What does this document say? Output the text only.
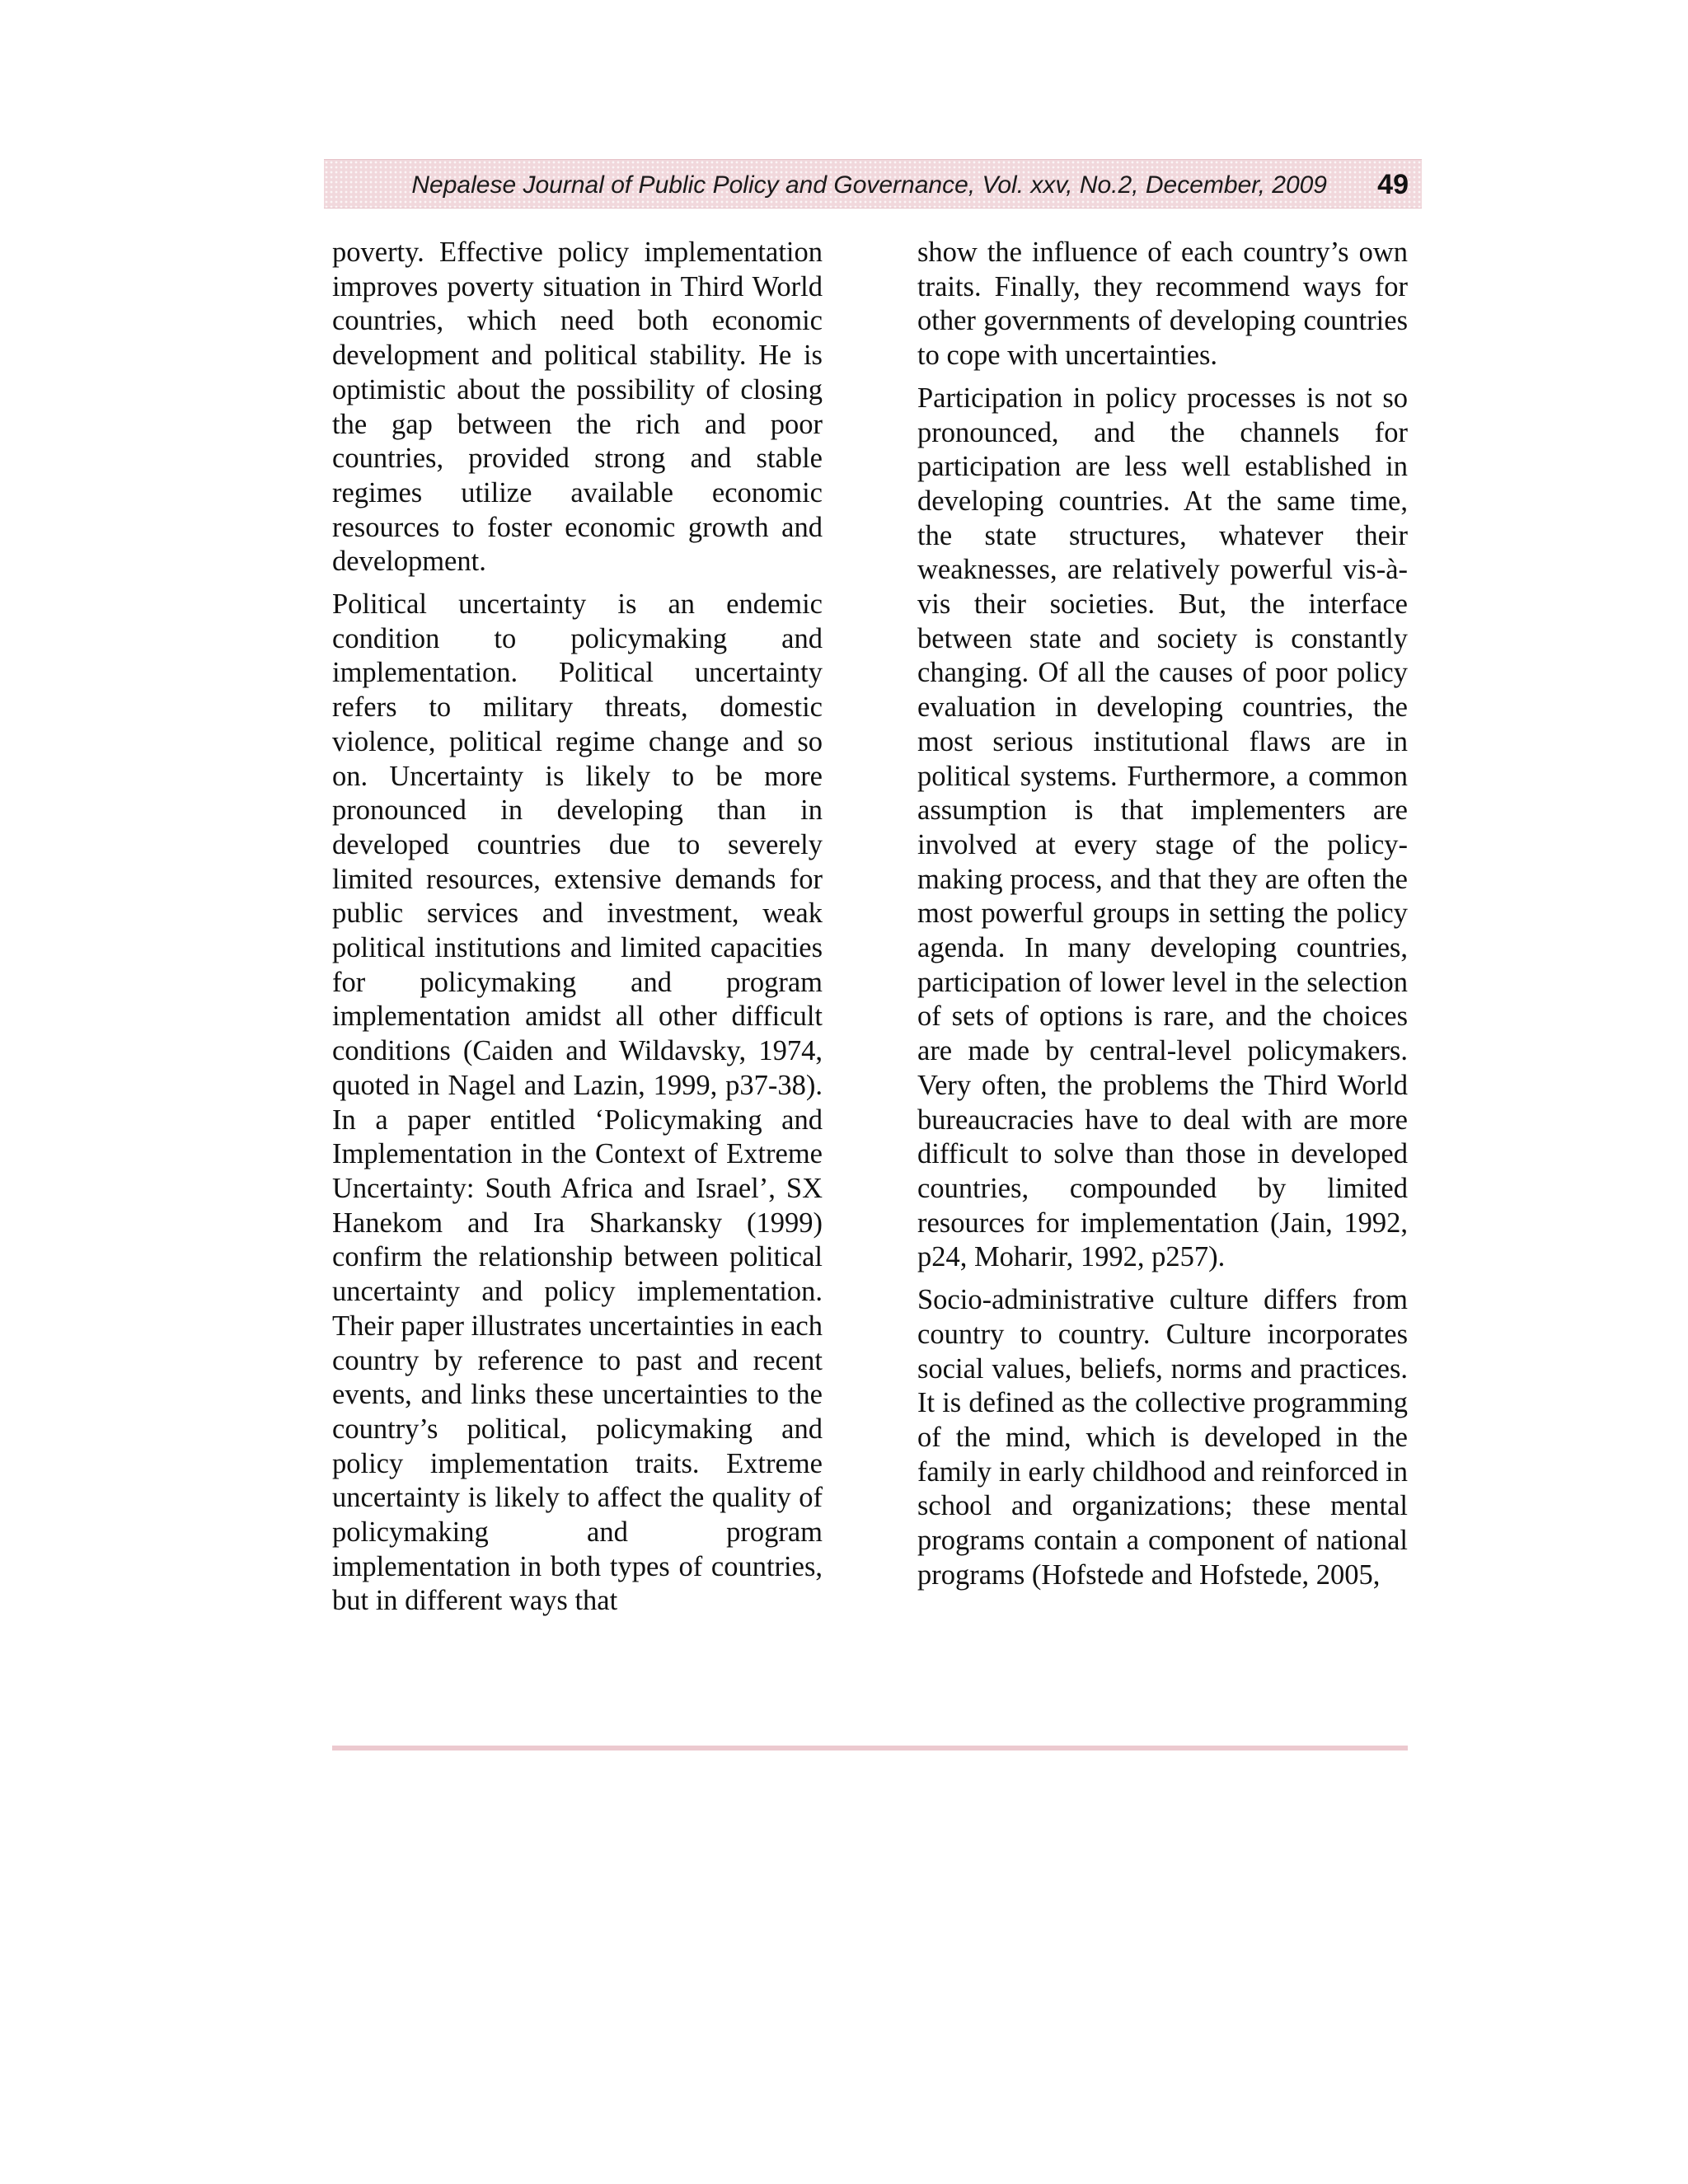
Nepalese Journal of Public Policy and Governance, Vol. xxv, No.2, December, 2009 49

poverty. Effective policy implementation improves poverty situation in Third World countries, which need both economic development and political stability. He is optimistic about the possibility of closing the gap between the rich and poor countries, provided strong and stable regimes utilize available economic resources to foster economic growth and development.

Political uncertainty is an endemic condition to policymaking and implementation. Political uncertainty refers to military threats, domestic violence, political regime change and so on. Uncertainty is likely to be more pronounced in developing than in developed countries due to severely limited resources, extensive demands for public services and investment, weak political institutions and limited capacities for policymaking and program implementation amidst all other difficult conditions (Caiden and Wildavsky, 1974, quoted in Nagel and Lazin, 1999, p37-38). In a paper entitled ‘Policymaking and Implementation in the Context of Extreme Uncertainty: South Africa and Israel’, SX Hanekom and Ira Sharkansky (1999) confirm the relationship between political uncertainty and policy implementation. Their paper illustrates uncertainties in each country by reference to past and recent events, and links these uncertainties to the country’s political, policymaking and policy implementation traits. Extreme uncertainty is likely to affect the quality of policymaking and program implementation in both types of countries, but in different ways that

show the influence of each country’s own traits. Finally, they recommend ways for other governments of developing countries to cope with uncertainties.

Participation in policy processes is not so pronounced, and the channels for participation are less well established in developing countries. At the same time, the state structures, whatever their weaknesses, are relatively powerful vis-à-vis their societies. But, the interface between state and society is constantly changing. Of all the causes of poor policy evaluation in developing countries, the most serious institutional flaws are in political systems. Furthermore, a common assumption is that implementers are involved at every stage of the policy-making process, and that they are often the most powerful groups in setting the policy agenda. In many developing countries, participation of lower level in the selection of sets of options is rare, and the choices are made by central-level policymakers. Very often, the problems the Third World bureaucracies have to deal with are more difficult to solve than those in developed countries, compounded by limited resources for implementation (Jain, 1992, p24, Moharir, 1992, p257).

Socio-administrative culture differs from country to country. Culture incorporates social values, beliefs, norms and practices. It is defined as the collective programming of the mind, which is developed in the family in early childhood and reinforced in school and organizations; these mental programs contain a component of national programs (Hofstede and Hofstede, 2005,
